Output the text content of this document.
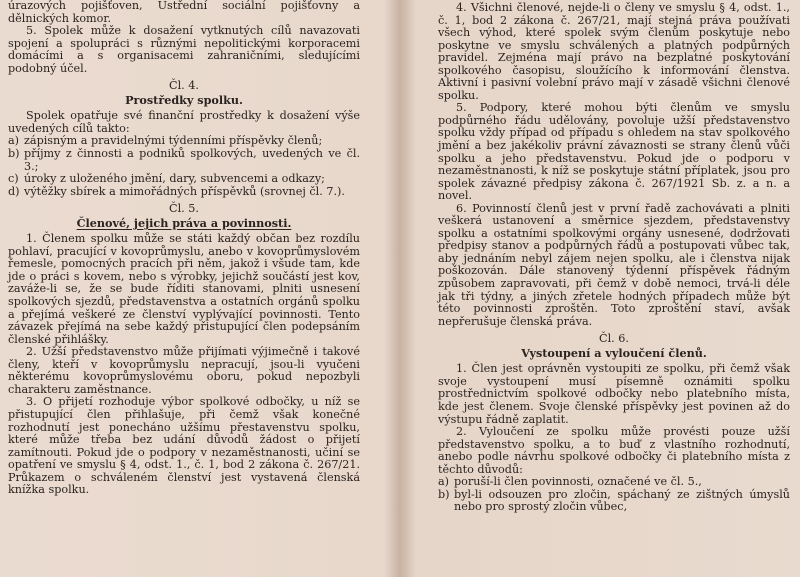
úrazových pojišťoven, Ústřední sociální pojišťovny a dělnických komor.

5. Spolek může k dosažení vytknutých cílů navazovati spojení a spolupráci s různými nepolitickými korporacemi domácími a s organisacemi zahraničními, sledujícími podobný účel.

Čl. 4.
Prostředky spolku.

Spolek opatřuje své finanční prostředky k dosažení výše uvedených cílů takto:

a) zápisným a pravidelnými týdenními příspěvky členů;
b) příjmy z činnosti a podniků spolkových, uvedených ve čl. 3.;
c) úroky z uloženého jmění, dary, subvencemi a odkazy;
d) výtěžky sbírek a mimořádných příspěvků (srovnej čl. 7.).
Čl. 5.
Členové, jejich práva a povinnosti.

1. Členem spolku může se státi každý občan bez rozdílu pohlaví, pracující v kovoprůmyslu, anebo v kovoprůmyslovém řemesle, pomocných pracích při něm, jakož i všude tam, kde jde o práci s kovem, nebo s výrobky, jejichž součástí jest kov, zaváže-li se, že se bude říditi stanovami, plniti usnesení spolkových sjezdů, představenstva a ostatních orgánů spolku a přejímá veškeré ze členství vyplývající povinnosti. Tento závazek přejímá na sebe každý přistupující člen podepsáním členské přihlášky.

2. Užší představenstvo může přijímati výjimečně i takové členy, kteří v kovoprůmyslu nepracují, jsou-li vyučeni některému kovoprůmyslovému oboru, pokud nepozbyli charakteru zaměstnance.

3. O přijetí rozhoduje výbor spolkové odbočky, u níž se přistupující člen přihlašuje, při čemž však konečné rozhodnutí jest ponecháno užšímu přestavenstvu spolku, které může třeba bez udání důvodů žádost o přijetí zamítnouti. Pokud jde o podpory v nezaměstnanosti, učiní se opatření ve smyslu § 4, odst. 1., č. 1, bod 2 zákona č. 267/21. Průkazem o schváleném členství jest vystavená členská knížka spolku.

4. Všichni členové, nejde-li o členy ve smyslu § 4, odst. 1., č. 1, bod 2 zákona č. 267/21, mají stejná práva používati všech výhod, které spolek svým členům poskytuje nebo poskytne ve smyslu schválených a platných podpůrných pravidel. Zejména mají právo na bezplatné poskytování spolkového časopisu, sloužícího k informování členstva. Aktivní i pasivní volební právo mají v zásadě všichni členové spolku.

5. Podpory, které mohou býti členům ve smyslu podpůrného řádu udělovány, povoluje užší představenstvo spolku vždy případ od případu s ohledem na stav spolkového jmění a bez jakékoliv právní závaznosti se strany členů vůči spolku a jeho představenstvu. Pokud jde o podporu v nezaměstnanosti, k níž se poskytuje státní příplatek, jsou pro spolek závazné předpisy zákona č. 267/1921 Sb. z. a n. a novel.

6. Povinností členů jest v první řadě zachovávati a plniti veškerá ustanovení a směrnice sjezdem, představenstvy spolku a ostatními spolkovými orgány usnesené, dodržovati předpisy stanov a podpůrných řádů a postupovati vůbec tak, aby jednáním nebyl zájem nejen spolku, ale i členstva nijak poškozován. Dále stanovený týdenní příspěvek řádným způsobem zapravovati, při čemž v době nemoci, trvá-li déle jak tři týdny, a jiných zřetele hodných případech může být této povinnosti zproštěn. Toto zproštění staví, avšak nepřerušuje členská práva.

Čl. 6.
Vystoupení a vyloučení členů.

1. Člen jest oprávněn vystoupiti ze spolku, při čemž však svoje vystoupení musí písemně oznámiti spolku prostřednictvím spolkové odbočky nebo platebního místa, kde jest členem. Svoje členské příspěvky jest povinen až do výstupu řádně zaplatit.

2. Vyloučení ze spolku může provésti pouze užší představenstvo spolku, a to buď z vlastního rozhodnutí, anebo podle návrhu spolkové odbočky či platebního místa z těchto důvodů:

a) poruší-li člen povinnosti, označené ve čl. 5.,
b) byl-li odsouzen pro zločin, spáchaný ze zištných úmyslů nebo pro sprostý zločin vůbec,
